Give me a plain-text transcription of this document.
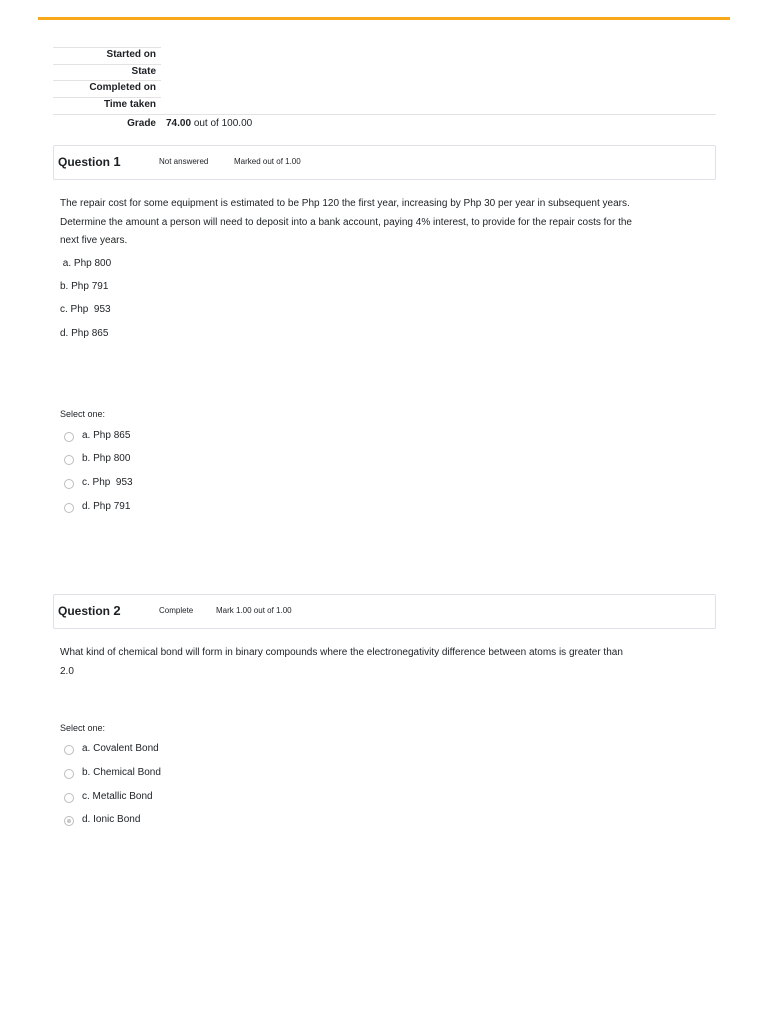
Started on
State
Completed on
Time taken
Grade 74.00 out of 100.00
Question 1	Not answered	Marked out of 1.00
The repair cost for some equipment is estimated to be Php 120 the first year, increasing by Php 30 per year in subsequent years.
Determine the amount a person will need to deposit into a bank account, paying 4% interest, to provide for the repair costs for the
next five years.
a. Php 800
b. Php 791
c. Php  953
d. Php 865
Select one:
a. Php 865
b. Php 800
c. Php  953
d. Php 791
Question 2	Complete	Mark 1.00 out of 1.00
What kind of chemical bond will form in binary compounds where the electronegativity difference between atoms is greater than
2.0
Select one:
a. Covalent Bond
b. Chemical Bond
c. Metallic Bond
d. Ionic Bond
